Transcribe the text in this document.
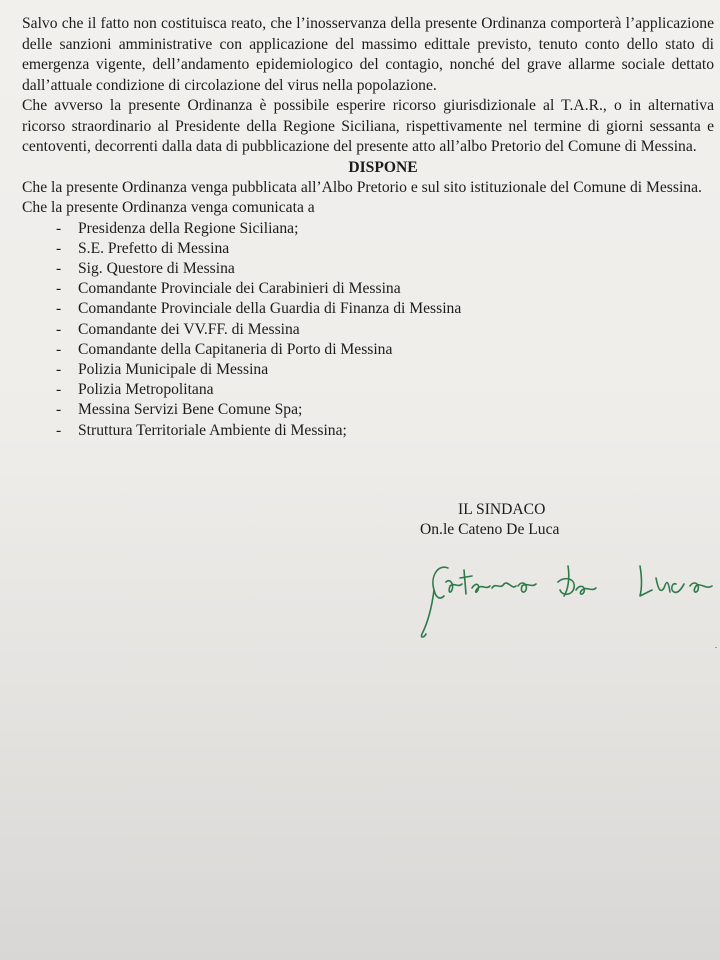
Salvo che il fatto non costituisca reato, che l’inosservanza della presente Ordinanza comporterà l’applicazione delle sanzioni amministrative con applicazione del massimo edittale previsto, tenuto conto dello stato di emergenza vigente, dell’andamento epidemiologico del contagio, nonché del grave allarme sociale dettato dall’attuale condizione di circolazione del virus nella popolazione.

Che avverso la presente Ordinanza è possibile esperire ricorso giurisdizionale al T.A.R., o in alternativa ricorso straordinario al Presidente della Regione Siciliana, rispettivamente nel termine di giorni sessanta e centoventi, decorrenti dalla data di pubblicazione del presente atto all’albo Pretorio del Comune di Messina.

DISPONE

Che la presente Ordinanza venga pubblicata all’Albo Pretorio e sul sito istituzionale del Comune di Messina.

Che la presente Ordinanza venga comunicata a

-	Presidenza della Regione Siciliana;
-	S.E. Prefetto di Messina
-	Sig. Questore di Messina
-	Comandante Provinciale dei Carabinieri di Messina
-	Comandante Provinciale della Guardia di Finanza di Messina
-	Comandante dei VV.FF. di Messina
-	Comandante della Capitaneria di Porto di Messina
-	Polizia Municipale di Messina
-	Polizia Metropolitana
-	Messina Servizi Bene Comune Spa;
-	Struttura Territoriale Ambiente di Messina;
IL SINDACO
On.le Cateno De Luca
